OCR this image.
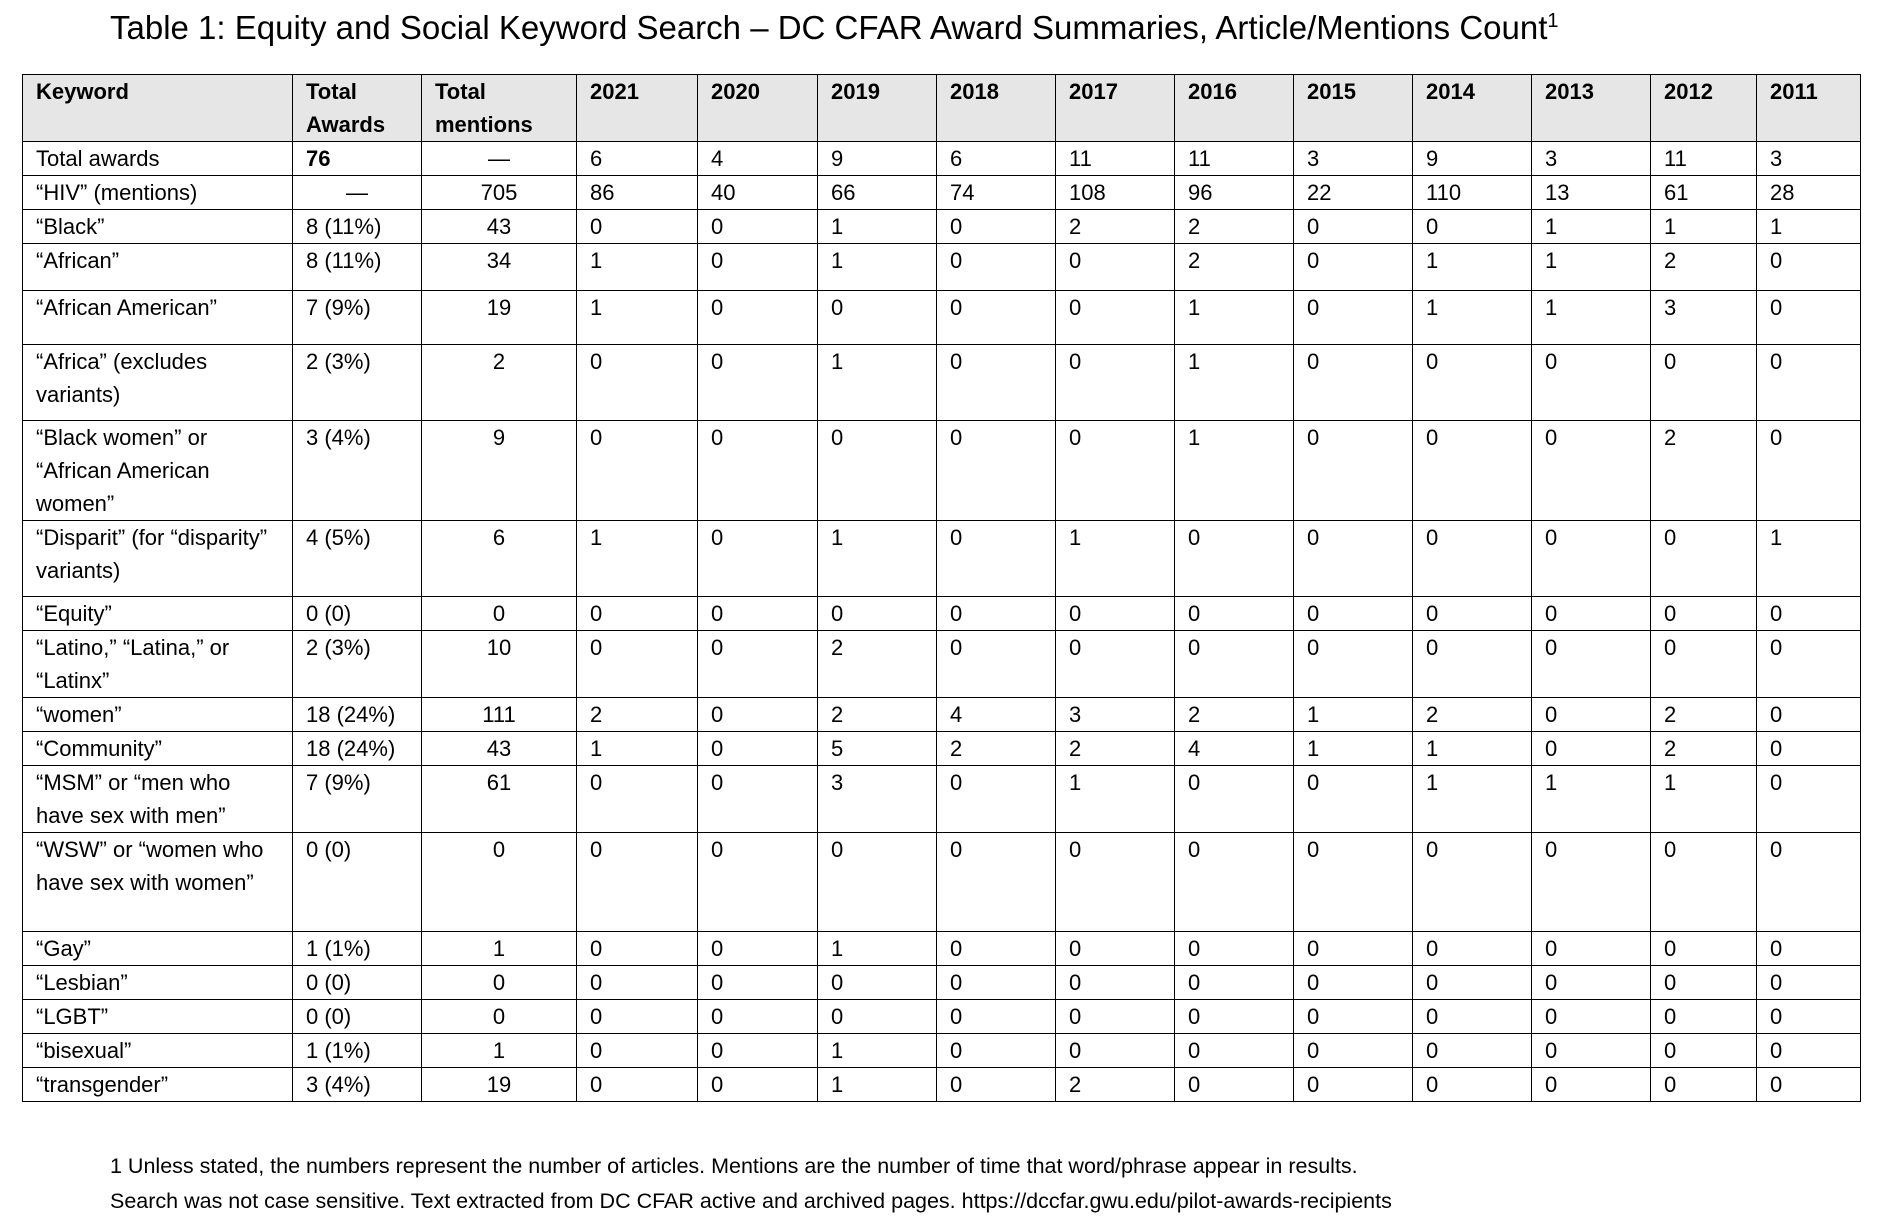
Table 1: Equity and Social Keyword Search – DC CFAR Award Summaries, Article/Mentions Count$^1$
Keyword	Total Awards	Total mentions	2021	2020	2019	2018	2017	2016	2015	2014	2013	2012	2011
Total awards	76	—	6	4	9	6	11	11	3	9	3	11	3
“HIV” (mentions)	—	705	86	40	66	74	108	96	22	110	13	61	28
“Black”	8 (11%)	43	0	0	1	0	2	2	0	0	1	1	1
“African”	8 (11%)	34	1	0	1	0	0	2	0	1	1	2	0
“African American”	7 (9%)	19	1	0	0	0	0	1	0	1	1	3	0
“Africa” (excludes variants)	2 (3%)	2	0	0	1	0	0	1	0	0	0	0	0
“Black women” or “African American women”	3 (4%)	9	0	0	0	0	0	1	0	0	0	2	0
“Disparit” (for “disparity” variants)	4 (5%)	6	1	0	1	0	1	0	0	0	0	0	1
“Equity”	0 (0)	0	0	0	0	0	0	0	0	0	0	0	0
“Latino,” “Latina,” or “Latinx”	2 (3%)	10	0	0	2	0	0	0	0	0	0	0	0
“women”	18 (24%)	111	2	0	2	4	3	2	1	2	0	2	0
“Community”	18 (24%)	43	1	0	5	2	2	4	1	1	0	2	0
“MSM” or “men who have sex with men”	7 (9%)	61	0	0	3	0	1	0	0	1	1	1	0
“WSW” or “women who have sex with women”	0 (0)	0	0	0	0	0	0	0	0	0	0	0	0
“Gay”	1 (1%)	1	0	0	1	0	0	0	0	0	0	0	0
“Lesbian”	0 (0)	0	0	0	0	0	0	0	0	0	0	0	0
“LGBT”	0 (0)	0	0	0	0	0	0	0	0	0	0	0	0
“bisexual”	1 (1%)	1	0	0	1	0	0	0	0	0	0	0	0
“transgender”	3 (4%)	19	0	0	1	0	2	0	0	0	0	0	0
1 Unless stated, the numbers represent the number of articles. Mentions are the number of time that word/phrase appear in results.
Search was not case sensitive. Text extracted from DC CFAR active and archived pages. https://dccfar.gwu.edu/pilot-awards-recipients
